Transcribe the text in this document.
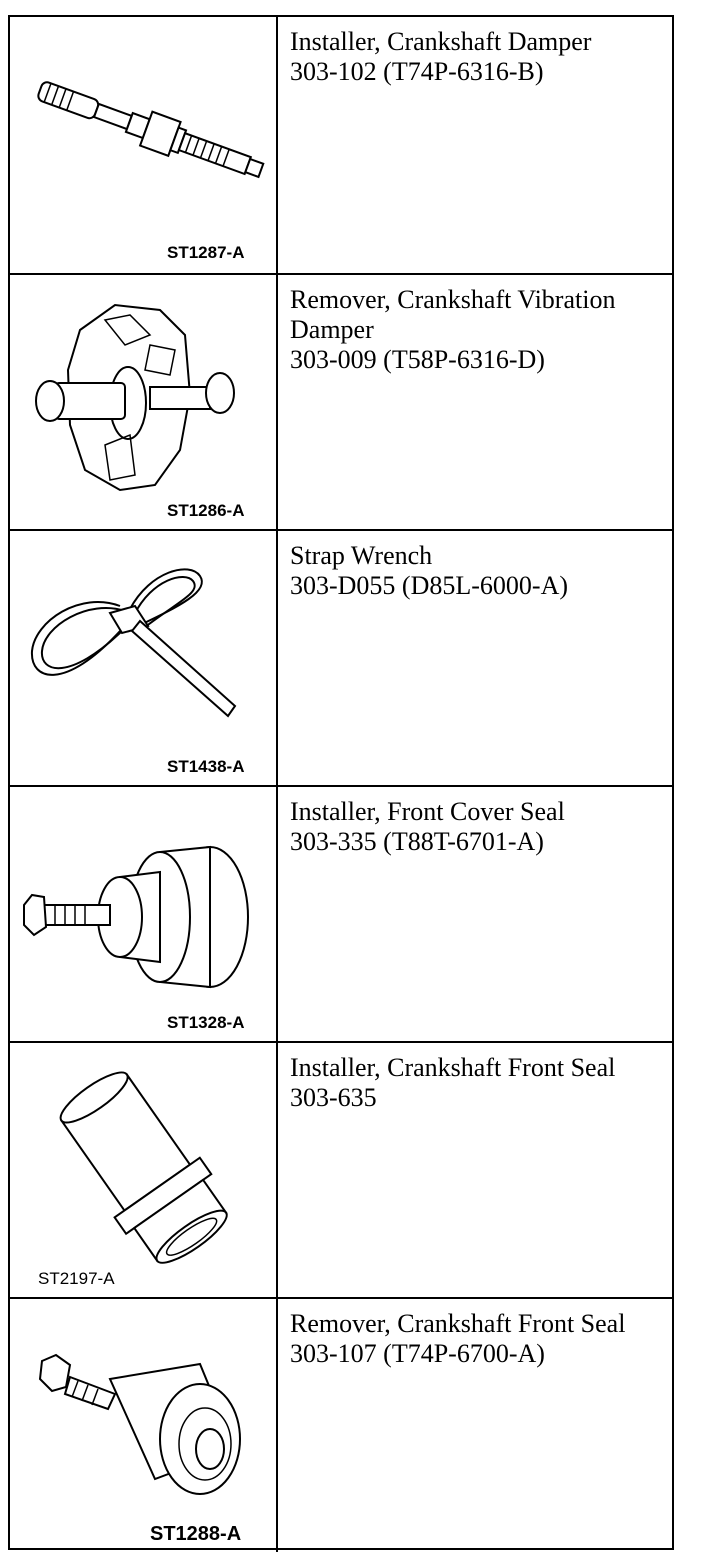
ST1287-A
Installer, Crankshaft Damper
303-102 (T74P-6316-B)
ST1286-A
Remover, Crankshaft Vibration Damper
303-009 (T58P-6316-D)
ST1438-A
Strap Wrench
303-D055 (D85L-6000-A)
ST1328-A
Installer, Front Cover Seal
303-335 (T88T-6701-A)
ST2197-A
Installer, Crankshaft Front Seal
303-635
ST1288-A
Remover, Crankshaft Front Seal
303-107 (T74P-6700-A)
